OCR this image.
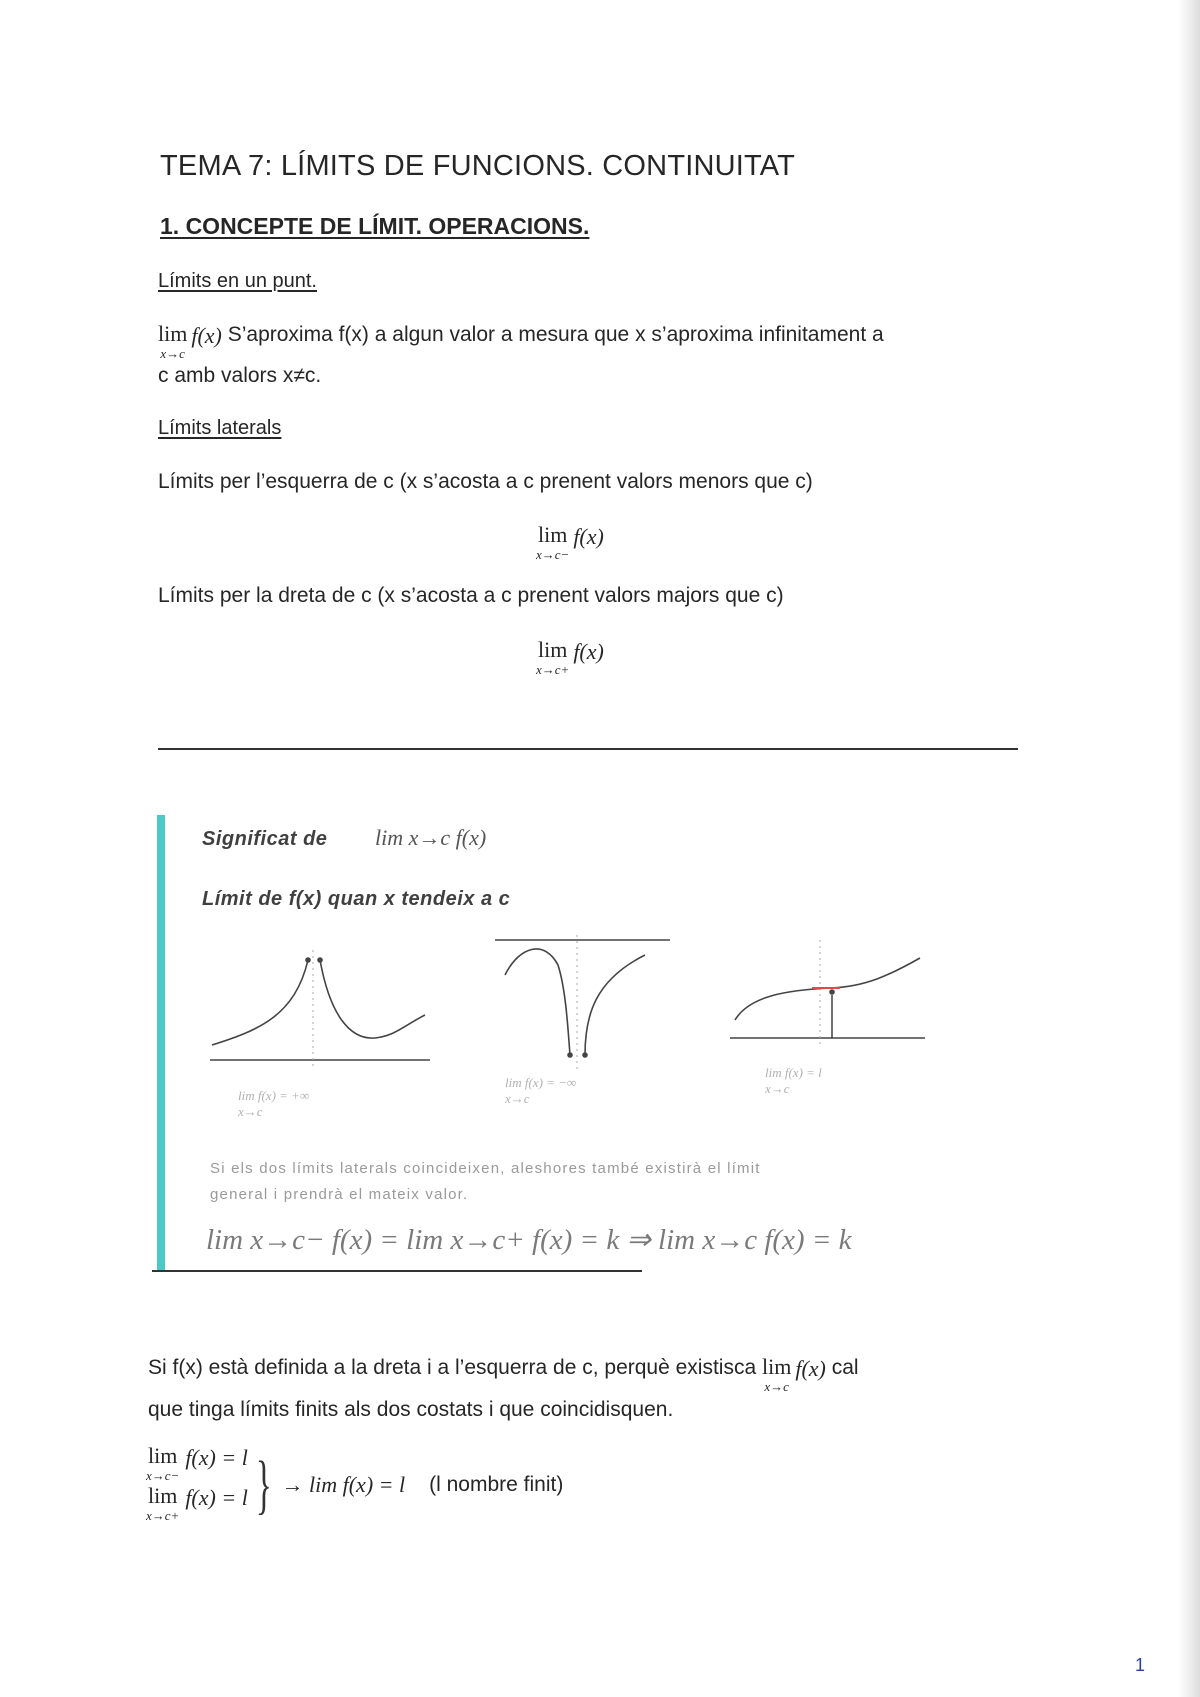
TEMA 7: LÍMITS DE FUNCIONS. CONTINUITAT
1. CONCEPTE DE LÍMIT. OPERACIONS.
Límits en un punt.
lim
x→c
f(x) S’aproxima f(x) a algun valor a mesura que x s’aproxima infinitament a
c amb valors x≠c.
Límits laterals
Límits per l’esquerra de c (x s’acosta a c prenent valors menors que c)
lim
x→c−
f(x)
Límits per la dreta de c (x s’acosta a c prenent valors majors que c)
lim
x→c+
f(x)
Significat de lim x→c f(x)
Límit de f(x) quan x tendeix a c
lim f(x) = +∞
x→c
lim f(x) = −∞
x→c
lim f(x) = l
x→c
Si els dos límits laterals coincideixen, aleshores també existirà el límit
general i prendrà el mateix valor.
lim x→c− f(x) = lim x→c+ f(x) = k ⇒ lim x→c f(x) = k
Si f(x) està definida a la dreta i a l’esquerra de c, perquè existisca lim
x→c
f(x) cal
que tinga límits finits als dos costats i que coincidisquen.
lim
x→c−
f(x) = l
lim
x→c+
f(x) = l } → lim f(x) = l (l nombre finit)
1
